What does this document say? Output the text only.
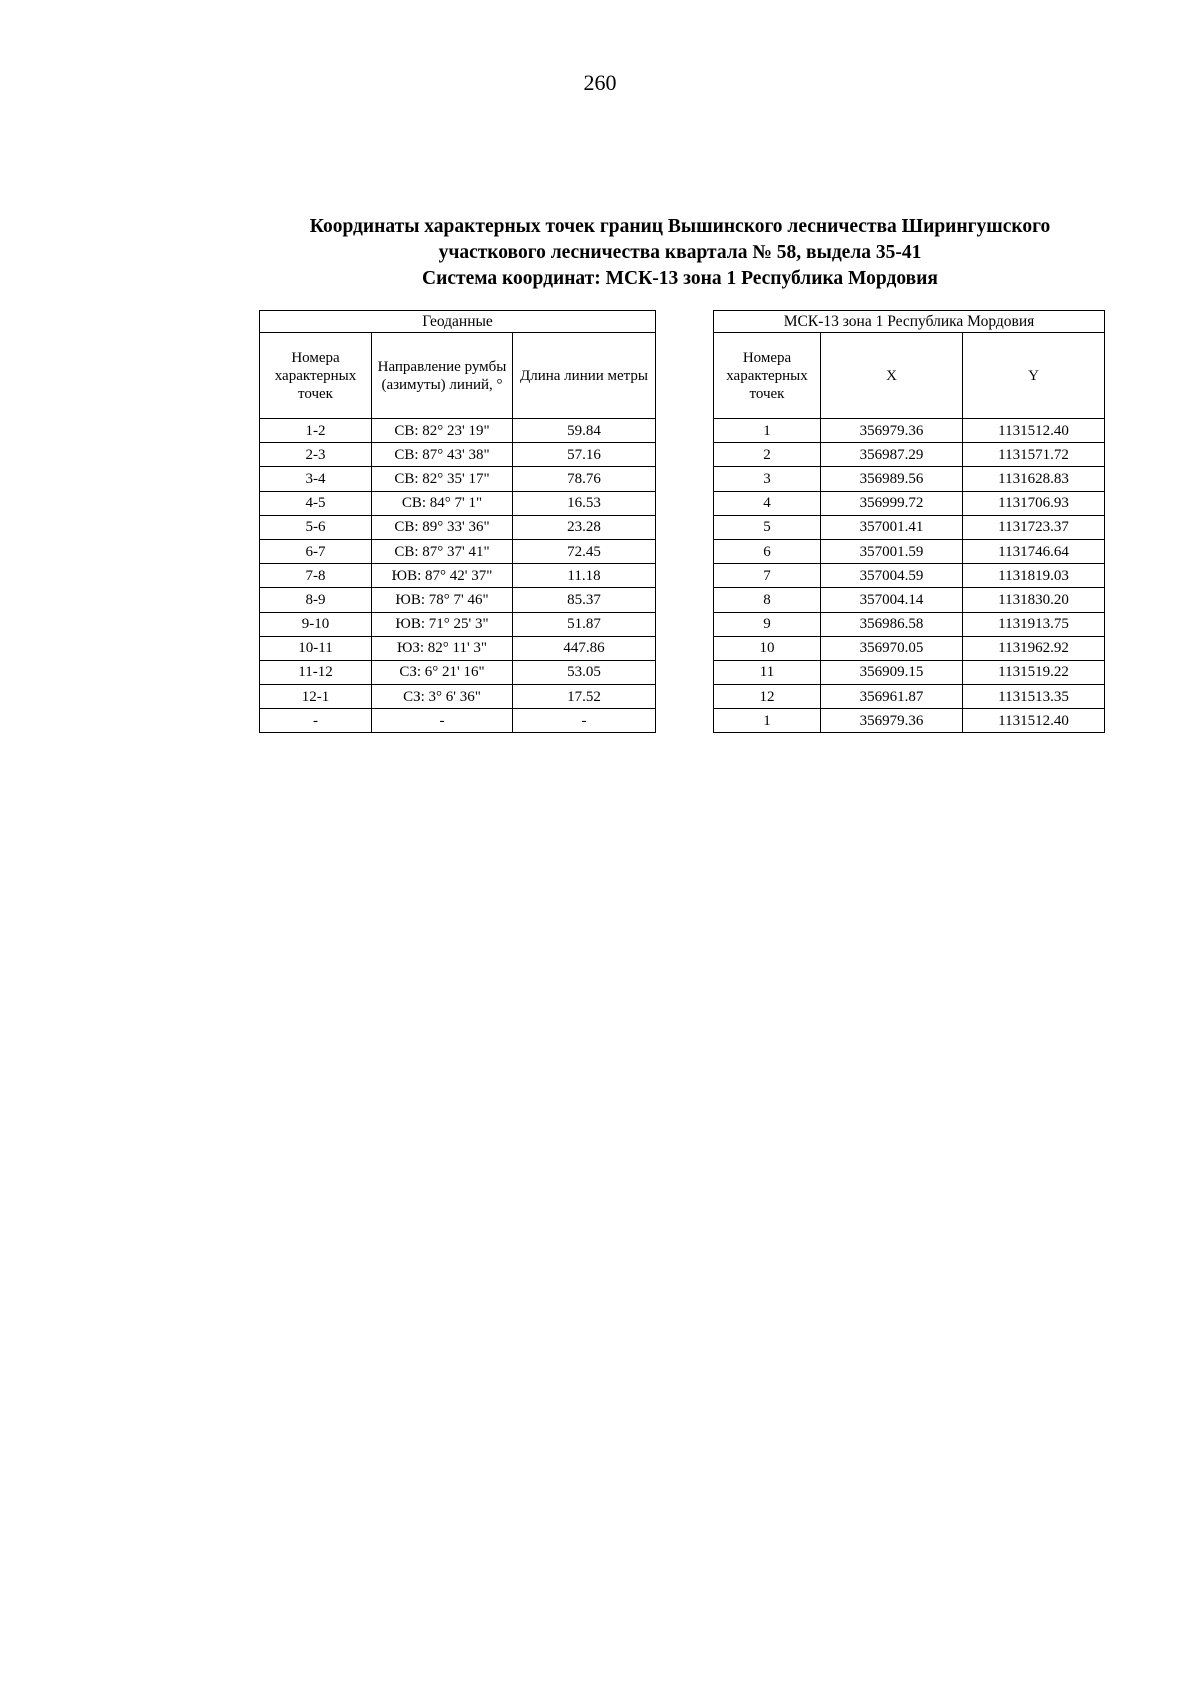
260
Координаты характерных точек границ Вышинского лесничества Ширингушского
участкового лесничества квартала № 58, выдела 35-41
Система координат: МСК-13 зона 1 Республика Мордовия
Геоданные		
Номера характерных точек	Направление румбы (азимуты) линий, °	Длина линии метры
1-2	СВ: 82° 23' 19"	59.84
2-3	СВ: 87° 43' 38"	57.16
3-4	СВ: 82° 35' 17"	78.76
4-5	СВ: 84° 7' 1"	16.53
5-6	СВ: 89° 33' 36"	23.28
6-7	СВ: 87° 37' 41"	72.45
7-8	ЮВ: 87° 42' 37"	11.18
8-9	ЮВ: 78° 7' 46"	85.37
9-10	ЮВ: 71° 25' 3"	51.87
10-11	ЮЗ: 82° 11' 3"	447.86
11-12	СЗ: 6° 21' 16"	53.05
12-1	СЗ: 3° 6' 36"	17.52
-	-	-
МСК-13 зона 1 Республика Мордовия		
Номера характерных точек	X	Y
1	356979.36	1131512.40
2	356987.29	1131571.72
3	356989.56	1131628.83
4	356999.72	1131706.93
5	357001.41	1131723.37
6	357001.59	1131746.64
7	357004.59	1131819.03
8	357004.14	1131830.20
9	356986.58	1131913.75
10	356970.05	1131962.92
11	356909.15	1131519.22
12	356961.87	1131513.35
1	356979.36	1131512.40
